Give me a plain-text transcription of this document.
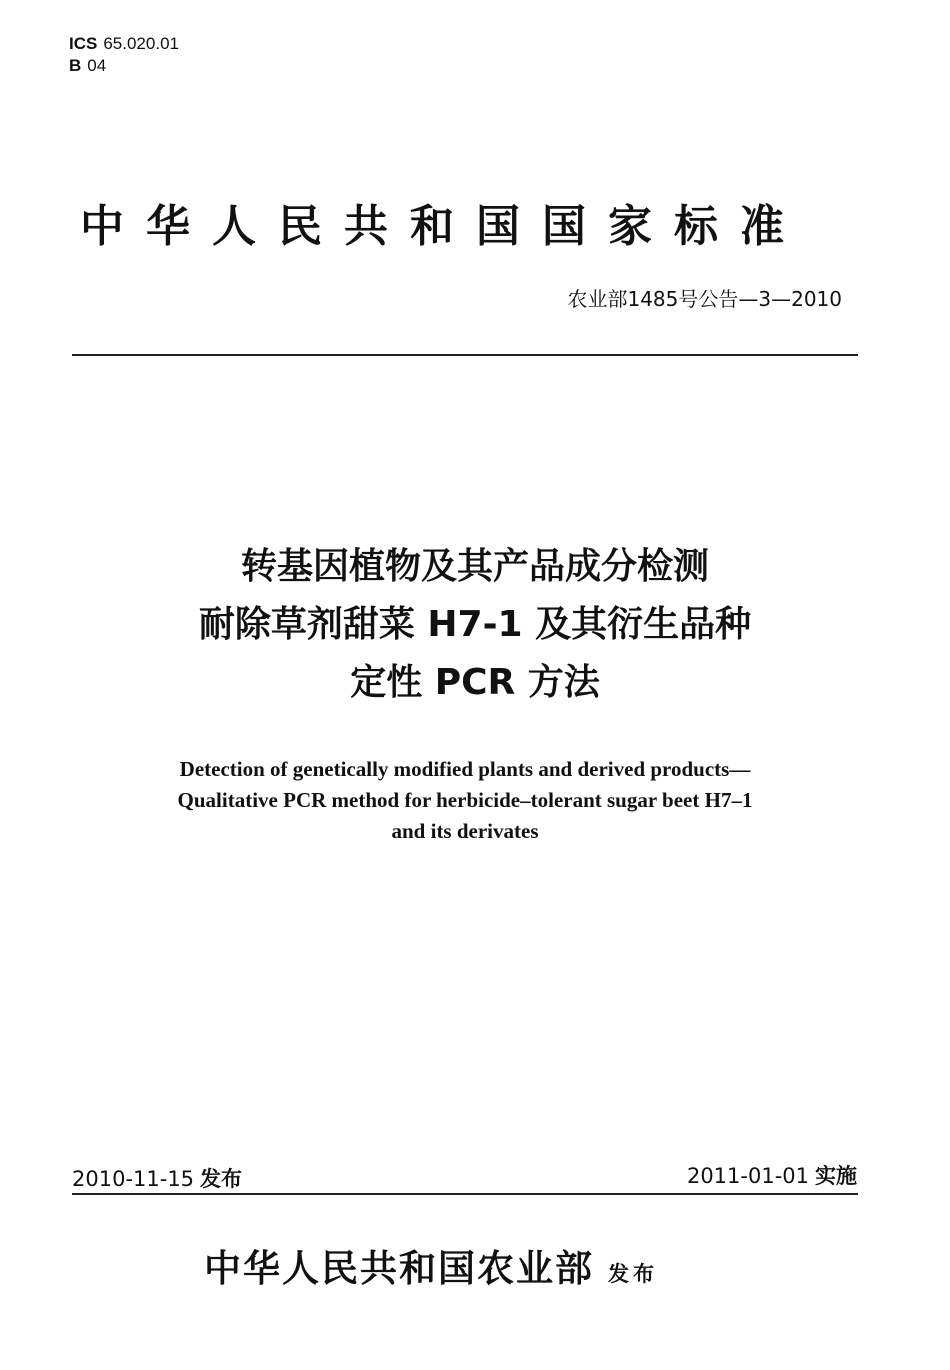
ICS 65.020.01
B 04
中华人民共和国国家标准
农业部1485号公告—3—2010
转基因植物及其产品成分检测
耐除草剂甜菜 H7-1 及其衍生品种
定性 PCR 方法
Detection of genetically modified plants and derived products—
Qualitative PCR method for herbicide–tolerant sugar beet H7–1
and its derivates
2010-11-15 发布	2011-01-01 实施
中华人民共和国农业部 发布
